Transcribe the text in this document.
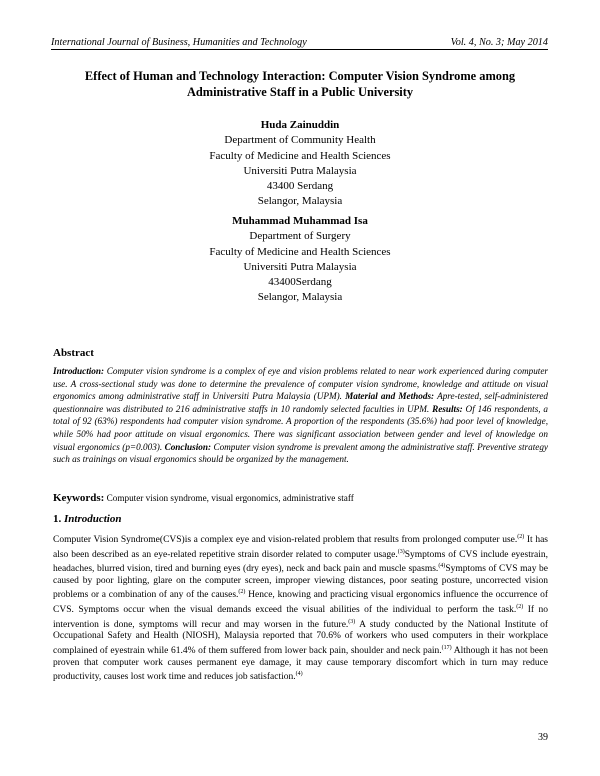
International Journal of Business, Humanities and Technology	Vol. 4, No. 3; May 2014
Effect of Human and Technology Interaction: Computer Vision Syndrome among
Administrative Staff in a Public University
Huda Zainuddin
Department of Community Health
Faculty of Medicine and Health Sciences
Universiti Putra Malaysia
43400 Serdang
Selangor, Malaysia
Muhammad Muhammad Isa
Department of Surgery
Faculty of Medicine and Health Sciences
Universiti Putra Malaysia
43400Serdang
Selangor, Malaysia
Abstract

Introduction: Computer vision syndrome is a complex of eye and vision problems related to near work experienced during computer use. A cross-sectional study was done to determine the prevalence of computer vision syndrome, knowledge and attitude on visual ergonomics among administrative staff in Universiti Putra Malaysia (UPM). Material and Methods: Apre-tested, self-administered questionnaire was distributed to 216 administrative staffs in 10 randomly selected faculties in UPM. Results: Of 146 respondents, a total of 92 (63%) respondents had computer vision syndrome. A proportion of the respondents (35.6%) had poor level of knowledge, while 50% had poor attitude on visual ergonomics. There was significant association between gender and level of knowledge on visual ergonomics (p=0.003). Conclusion: Computer vision syndrome is prevalent among the administrative staff. Preventive strategy such as trainings on visual ergonomics should be organized by the management.

Keywords: Computer vision syndrome, visual ergonomics, administrative staff
1. Introduction
Computer Vision Syndrome(CVS)is a complex eye and vision-related problem that results from prolonged computer use.$^{(2)}$ It has also been described as an eye-related repetitive strain disorder related to computer usage.$^{(3)}$Symptoms of CVS include eyestrain, headaches, blurred vision, tired and burning eyes (dry eyes), neck and back pain and muscle spasms.$^{(4)}$Symptoms of CVS may be caused by poor lighting, glare on the computer screen, improper viewing distances, poor seating posture, uncorrected vision problems or a combination of any of the causes.$^{(2)}$ Hence, knowing and practicing visual ergonomics influence the occurrence of CVS. Symptoms occur when the visual demands exceed the visual abilities of the individual to perform the task.$^{(2)}$ If no intervention is done, symptoms will recur and may worsen in the future.$^{(3)}$ A study conducted by the National Institute of Occupational Safety and Health (NIOSH), Malaysia reported that 70.6% of workers who used computers in their workplace complained of eyestrain while 61.4% of them suffered from lower back pain, shoulder and neck pain.$^{(17)}$ Although it has not been proven that computer work causes permanent eye damage, it may cause temporary discomfort which in turn may reduce productivity, causes lost work time and reduces job satisfaction.$^{(4)}$
39
